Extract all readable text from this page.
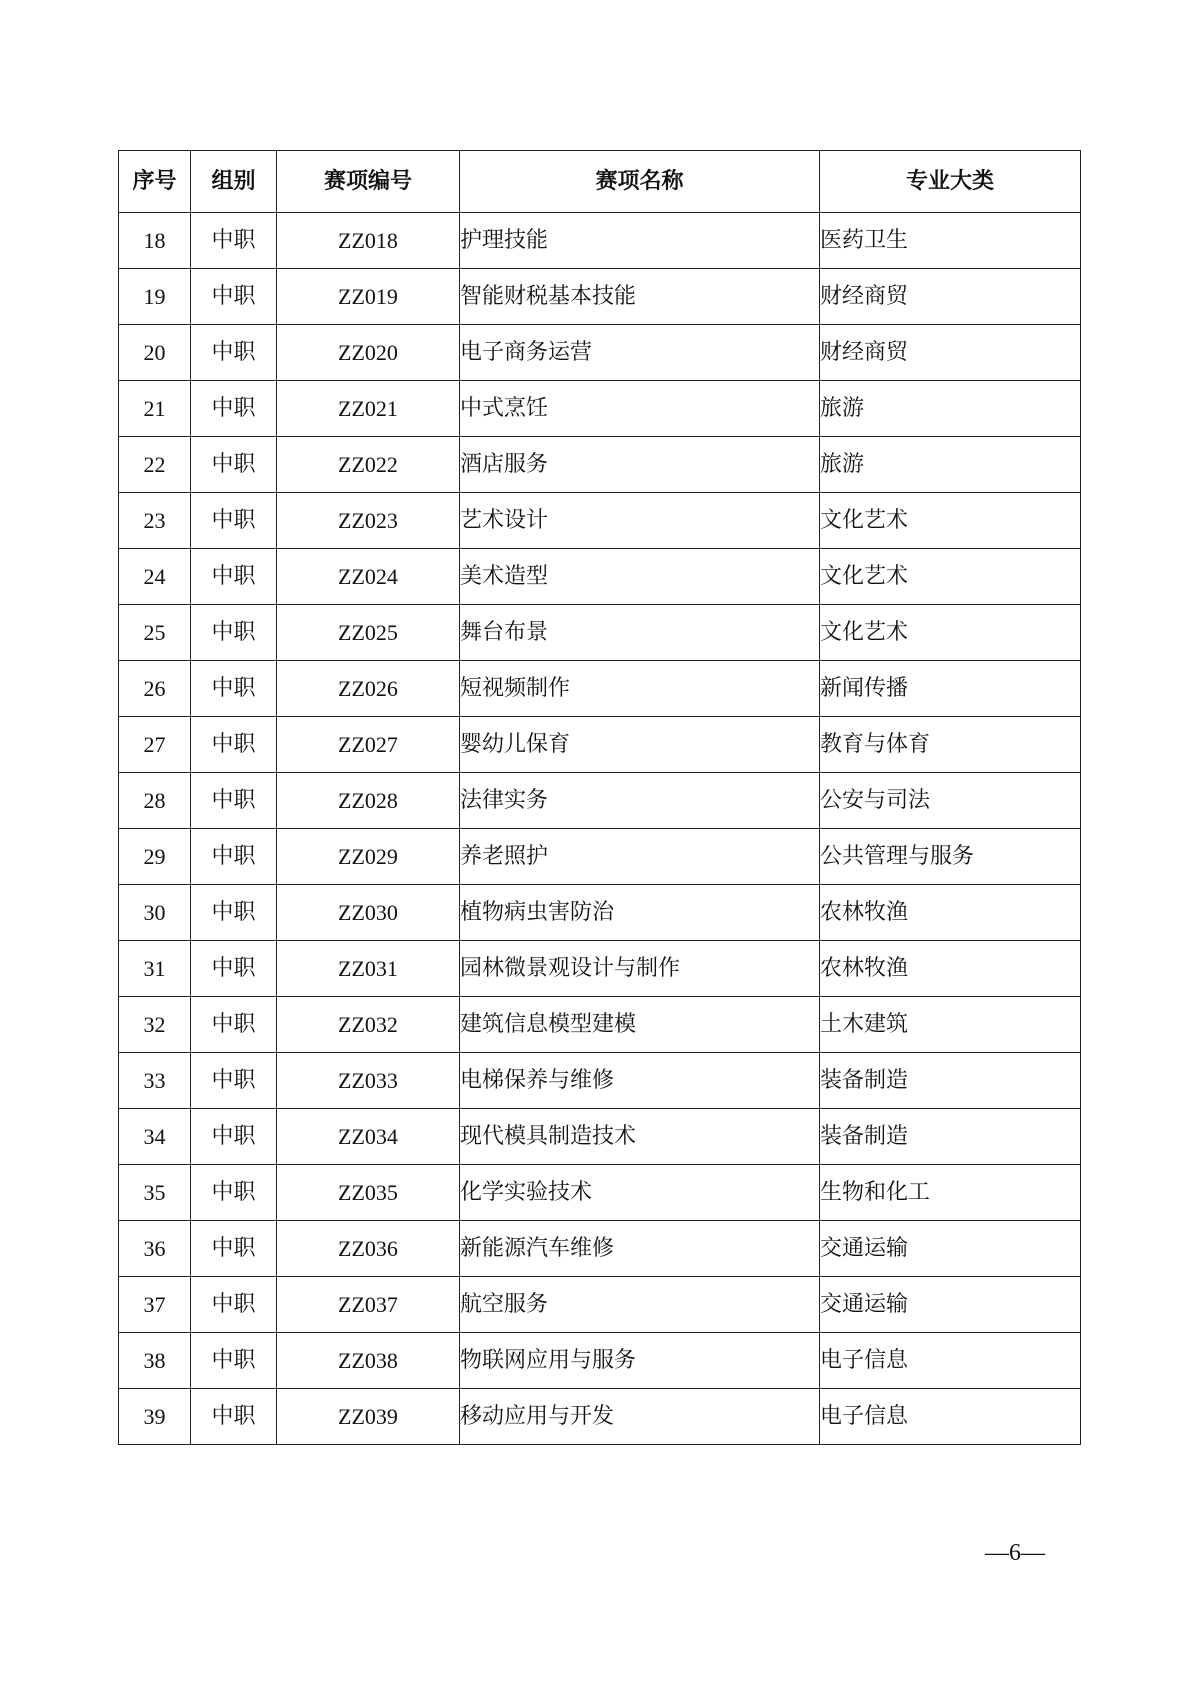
序号	组别	赛项编号	赛项名称	专业大类
18	中职	ZZ018	护理技能	医药卫生
19	中职	ZZ019	智能财税基本技能	财经商贸
20	中职	ZZ020	电子商务运营	财经商贸
21	中职	ZZ021	中式烹饪	旅游
22	中职	ZZ022	酒店服务	旅游
23	中职	ZZ023	艺术设计	文化艺术
24	中职	ZZ024	美术造型	文化艺术
25	中职	ZZ025	舞台布景	文化艺术
26	中职	ZZ026	短视频制作	新闻传播
27	中职	ZZ027	婴幼儿保育	教育与体育
28	中职	ZZ028	法律实务	公安与司法
29	中职	ZZ029	养老照护	公共管理与服务
30	中职	ZZ030	植物病虫害防治	农林牧渔
31	中职	ZZ031	园林微景观设计与制作	农林牧渔
32	中职	ZZ032	建筑信息模型建模	土木建筑
33	中职	ZZ033	电梯保养与维修	装备制造
34	中职	ZZ034	现代模具制造技术	装备制造
35	中职	ZZ035	化学实验技术	生物和化工
36	中职	ZZ036	新能源汽车维修	交通运输
37	中职	ZZ037	航空服务	交通运输
38	中职	ZZ038	物联网应用与服务	电子信息
39	中职	ZZ039	移动应用与开发	电子信息
—6—
